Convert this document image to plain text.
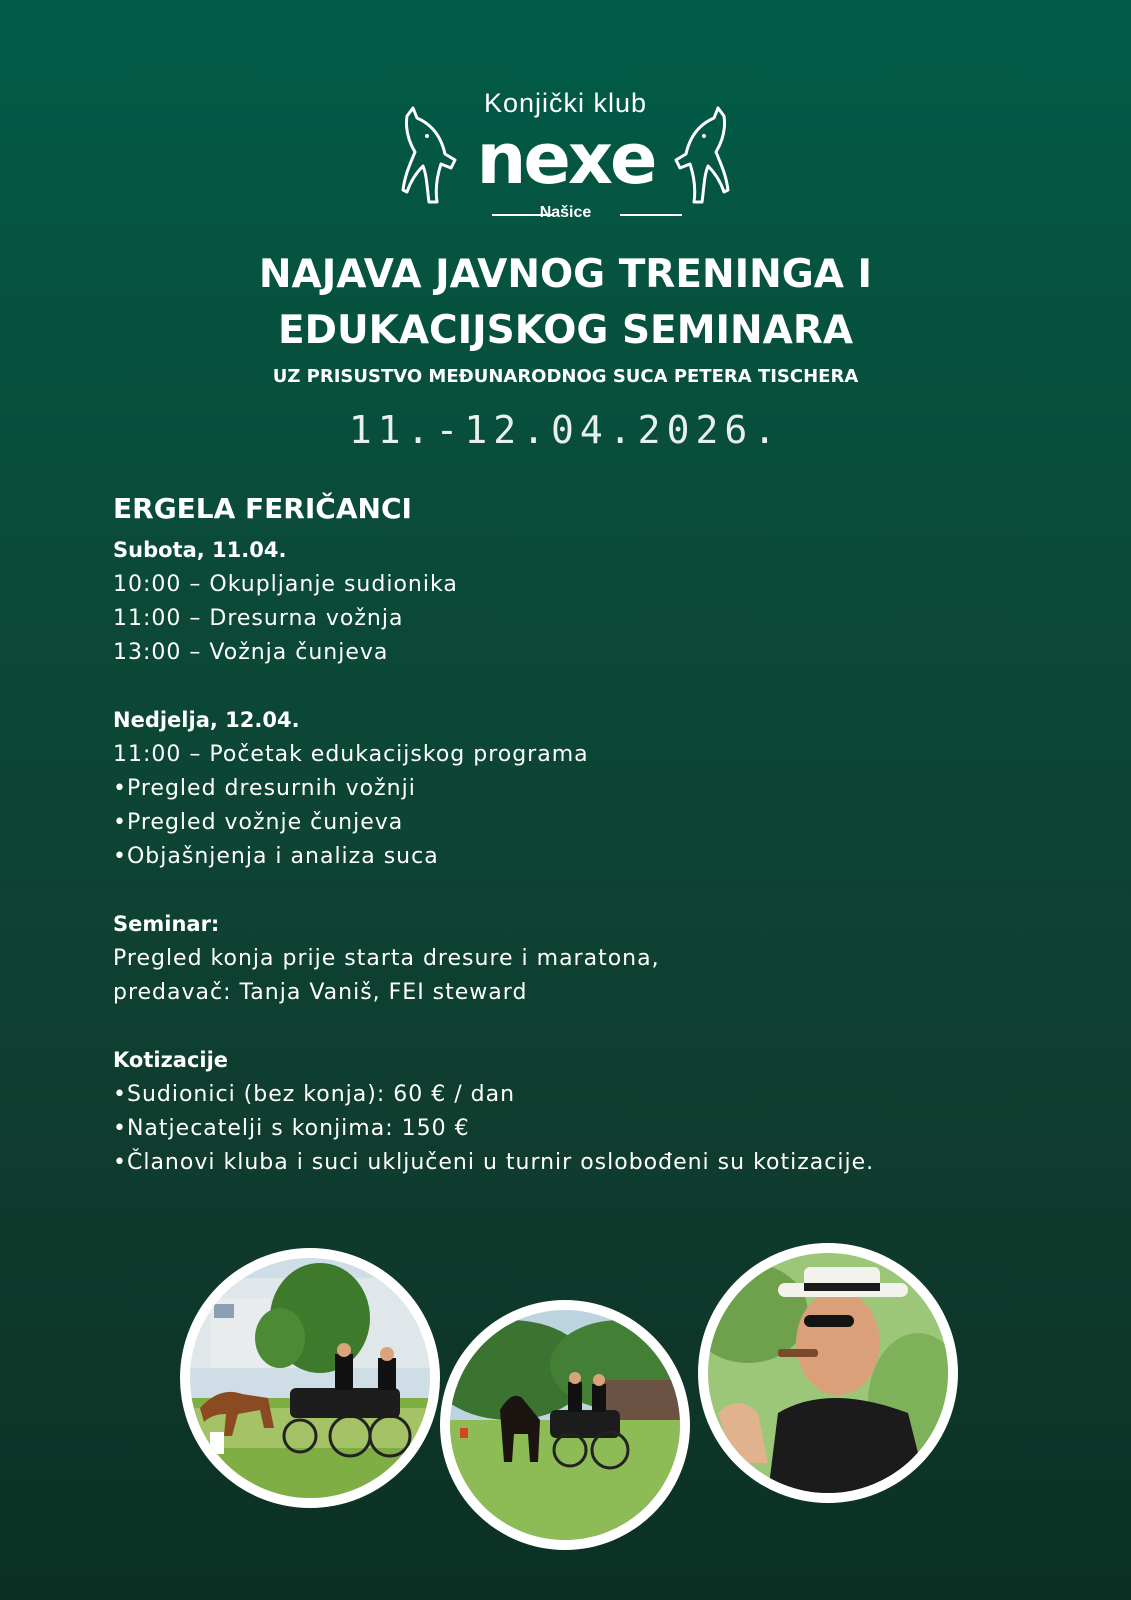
Konjički klub
nexe
Našice
NAJAVA JAVNOG TRENINGA I
EDUKACIJSKOG SEMINARA
UZ PRISUSTVO MEĐUNARODNOG SUCA PETERA TISCHERA
11.-12.04.2026.
ERGELA FERIČANCI
Subota, 11.04.
10:00 – Okupljanje sudionika
11:00 – Dresurna vožnja
13:00 – Vožnja čunjeva
Nedjelja, 12.04.
11:00 – Početak edukacijskog programa
•Pregled dresurnih vožnji
•Pregled vožnje čunjeva
•Objašnjenja i analiza suca
Seminar:
Pregled konja prije starta dresure i maratona,
predavač: Tanja Vaniš, FEI steward
Kotizacije
•Sudionici (bez konja): 60 € / dan
•Natjecatelji s konjima: 150 €
•Članovi kluba i suci uključeni u turnir oslobođeni su kotizacije.
